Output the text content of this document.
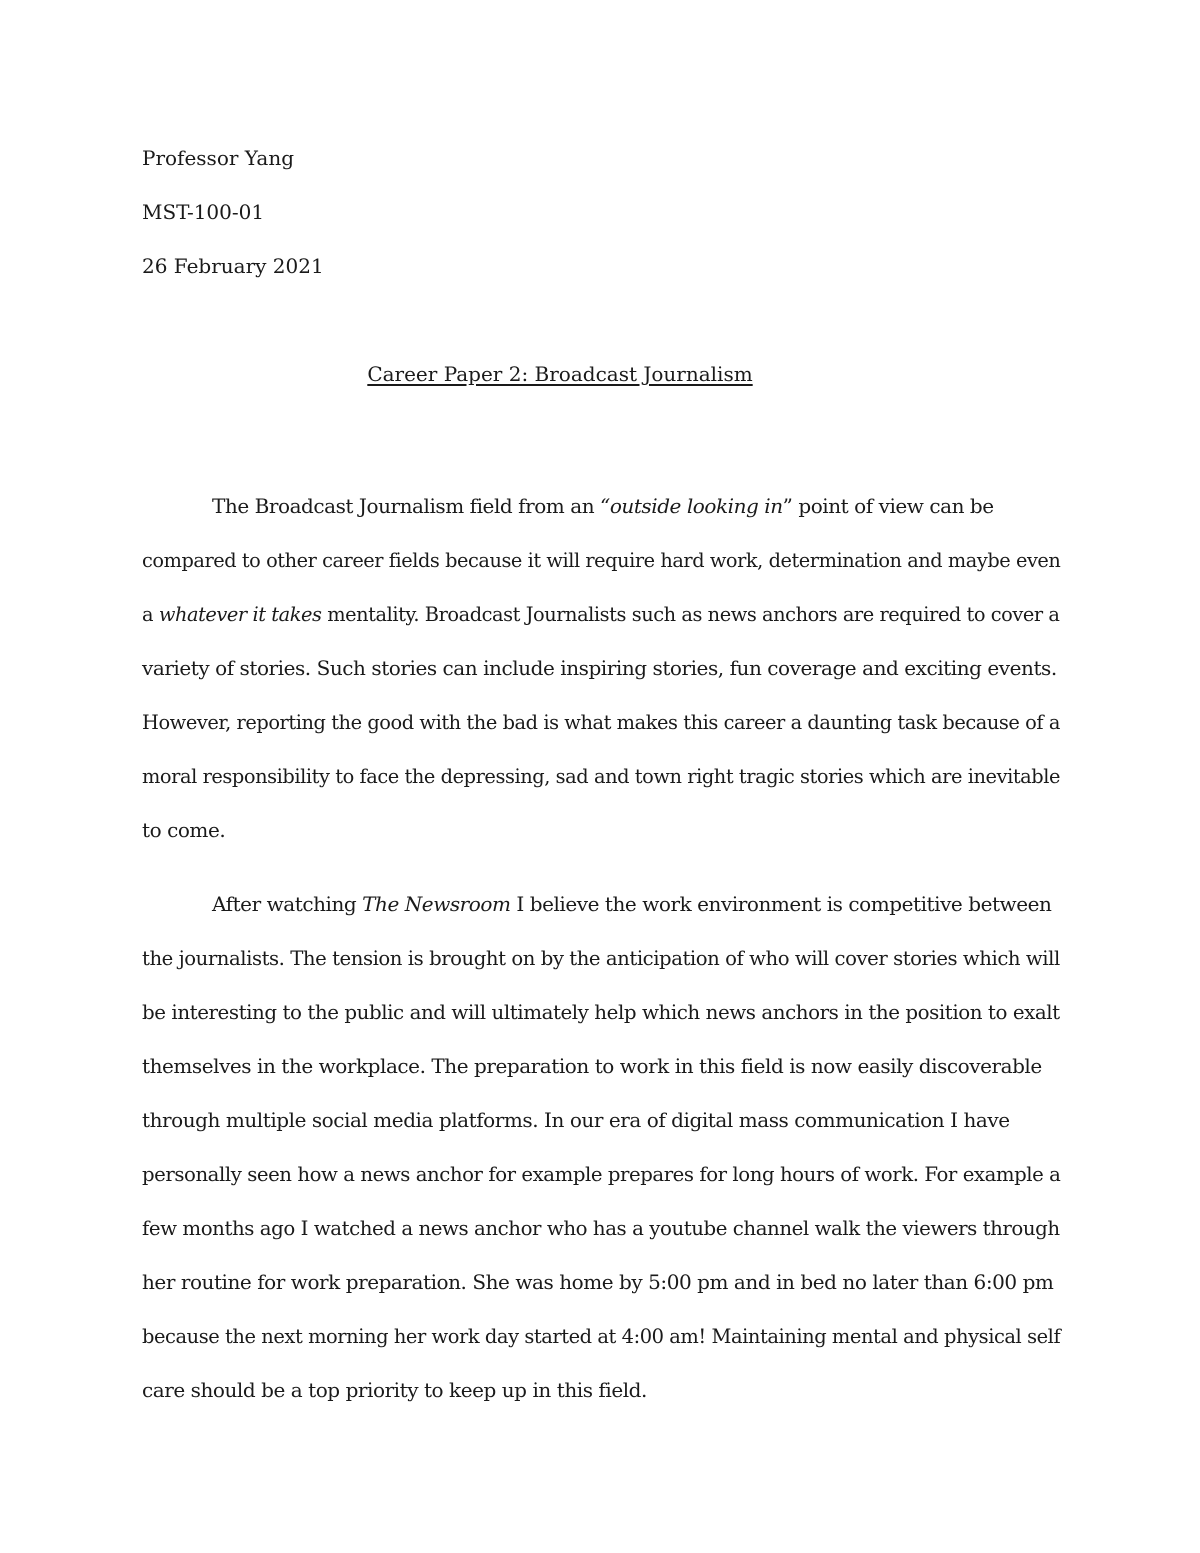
Professor Yang

MST-100-01

26 February 2021

Career Paper 2: Broadcast Journalism

The Broadcast Journalism field from an “outside looking in” point of view can be

compared to other career fields because it will require hard work, determination and maybe even

a whatever it takes mentality. Broadcast Journalists such as news anchors are required to cover a

variety of stories. Such stories can include inspiring stories, fun coverage and exciting events.

However, reporting the good with the bad is what makes this career a daunting task because of a

moral responsibility to face the depressing, sad and town right tragic stories which are inevitable

to come.

After watching The Newsroom I believe the work environment is competitive between

the journalists. The tension is brought on by the anticipation of who will cover stories which will

be interesting to the public and will ultimately help which news anchors in the position to exalt

themselves in the workplace. The preparation to work in this field is now easily discoverable

through multiple social media platforms. In our era of digital mass communication I have

personally seen how a news anchor for example prepares for long hours of work. For example a

few months ago I watched a news anchor who has a youtube channel walk the viewers through

her routine for work preparation. She was home by 5:00 pm and in bed no later than 6:00 pm

because the next morning her work day started at 4:00 am! Maintaining mental and physical self

care should be a top priority to keep up in this field.
